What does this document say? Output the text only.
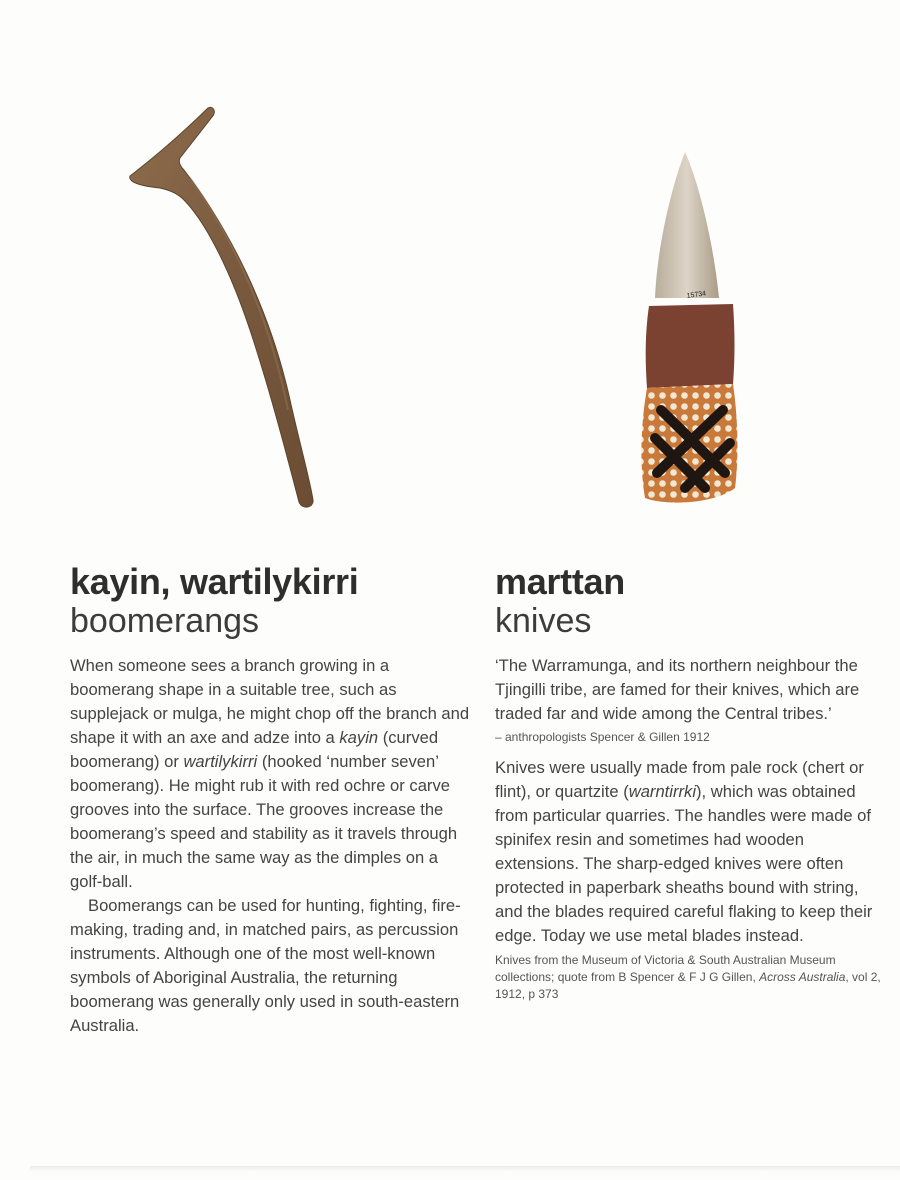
15734
kayin, wartilykirri
boomerangs

When someone sees a branch growing in a boomerang shape in a suitable tree, such as supplejack or mulga, he might chop off the branch and shape it with an axe and adze into a kayin (curved boomerang) or wartilykirri (hooked ‘number seven’ boomerang). He might rub it with red ochre or carve grooves into the surface. The grooves increase the boomerang’s speed and stability as it travels through the air, in much the same way as the dimples on a golf-ball.

Boomerangs can be used for hunting, fighting, fire-making, trading and, in matched pairs, as percussion instruments. Although one of the most well-known symbols of Aboriginal Australia, the returning boomerang was generally only used in south-eastern Australia.

marttan
knives

‘The Warramunga, and its northern neighbour the Tjingilli tribe, are famed for their knives, which are traded far and wide among the Central tribes.’

– anthropologists Spencer & Gillen 1912

Knives were usually made from pale rock (chert or flint), or quartzite (warntirrki), which was obtained from particular quarries. The handles were made of spinifex resin and sometimes had wooden extensions. The sharp-edged knives were often protected in paperbark sheaths bound with string, and the blades required careful flaking to keep their edge. Today we use metal blades instead.

Knives from the Museum of Victoria & South Australian Museum collections; quote from B Spencer & F J G Gillen, Across Australia, vol 2, 1912, p 373
